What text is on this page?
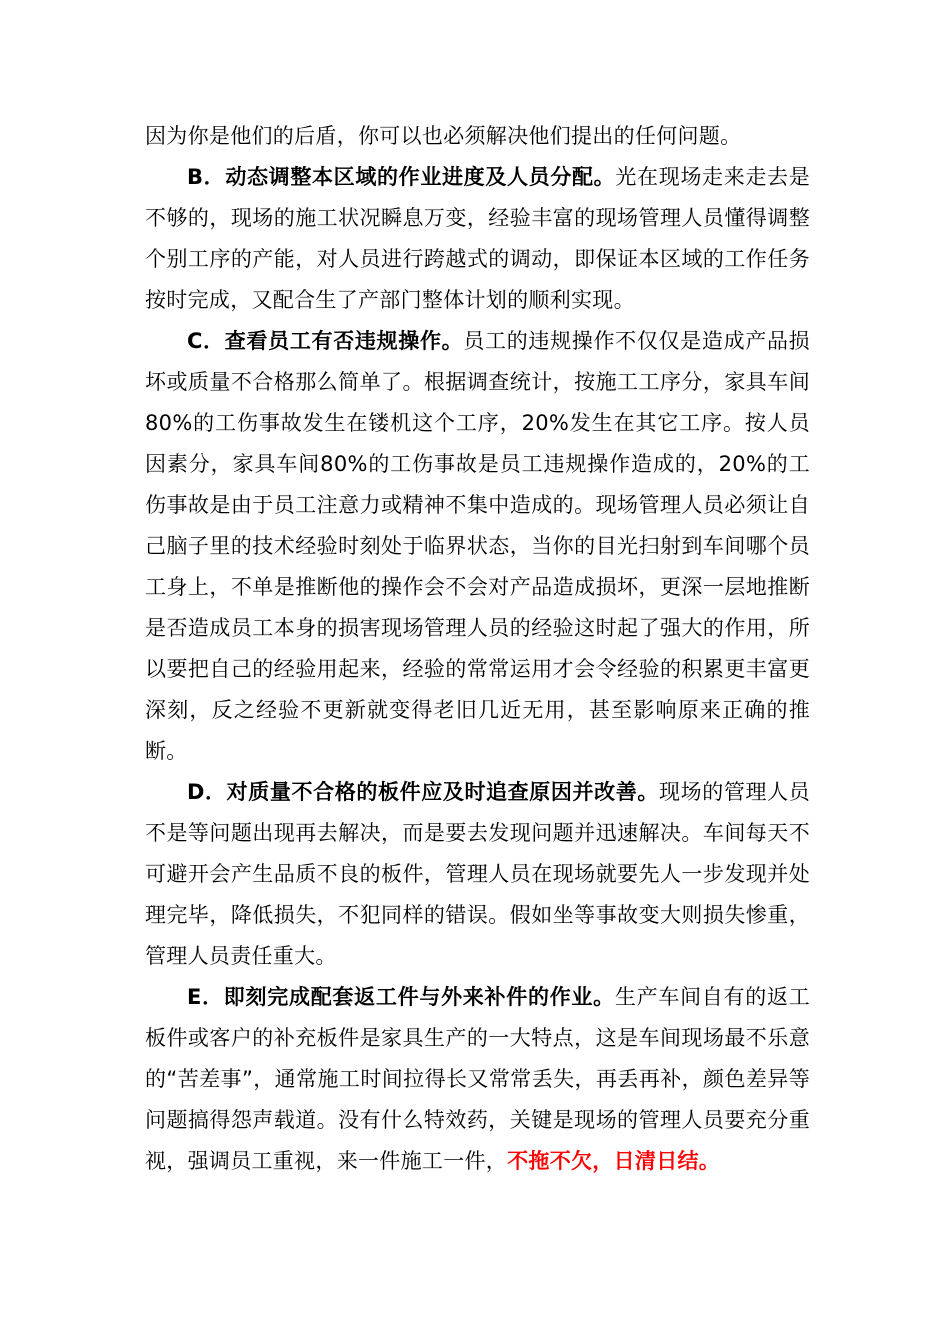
因为你是他们的后盾，你可以也必须解决他们提出的任何问题。

B．动态调整本区域的作业进度及人员分配。光在现场走来走去是不够的，现场的施工状况瞬息万变，经验丰富的现场管理人员懂得调整个别工序的产能，对人员进行跨越式的调动，即保证本区域的工作任务按时完成，又配合生了产部门整体计划的顺利实现。

C．查看员工有否违规操作。员工的违规操作不仅仅是造成产品损坏或质量不合格那么简单了。根据调查统计，按施工工序分，家具车间80%的工伤事故发生在镂机这个工序，20%发生在其它工序。按人员因素分，家具车间80%的工伤事故是员工违规操作造成的，20%的工伤事故是由于员工注意力或精神不集中造成的。现场管理人员必须让自己脑子里的技术经验时刻处于临界状态，当你的目光扫射到车间哪个员工身上，不单是推断他的操作会不会对产品造成损坏，更深一层地推断是否造成员工本身的损害现场管理人员的经验这时起了强大的作用，所以要把自己的经验用起来，经验的常常运用才会令经验的积累更丰富更深刻，反之经验不更新就变得老旧几近无用，甚至影响原来正确的推断。

D．对质量不合格的板件应及时追查原因并改善。现场的管理人员不是等问题出现再去解决，而是要去发现问题并迅速解决。车间每天不可避开会产生品质不良的板件，管理人员在现场就要先人一步发现并处理完毕，降低损失，不犯同样的错误。假如坐等事故变大则损失惨重，管理人员责任重大。

E．即刻完成配套返工件与外来补件的作业。生产车间自有的返工板件或客户的补充板件是家具生产的一大特点，这是车间现场最不乐意的“苦差事”，通常施工时间拉得长又常常丢失，再丢再补，颜色差异等问题搞得怨声载道。没有什么特效药，关键是现场的管理人员要充分重视，强调员工重视，来一件施工一件，不拖不欠，日清日结。
